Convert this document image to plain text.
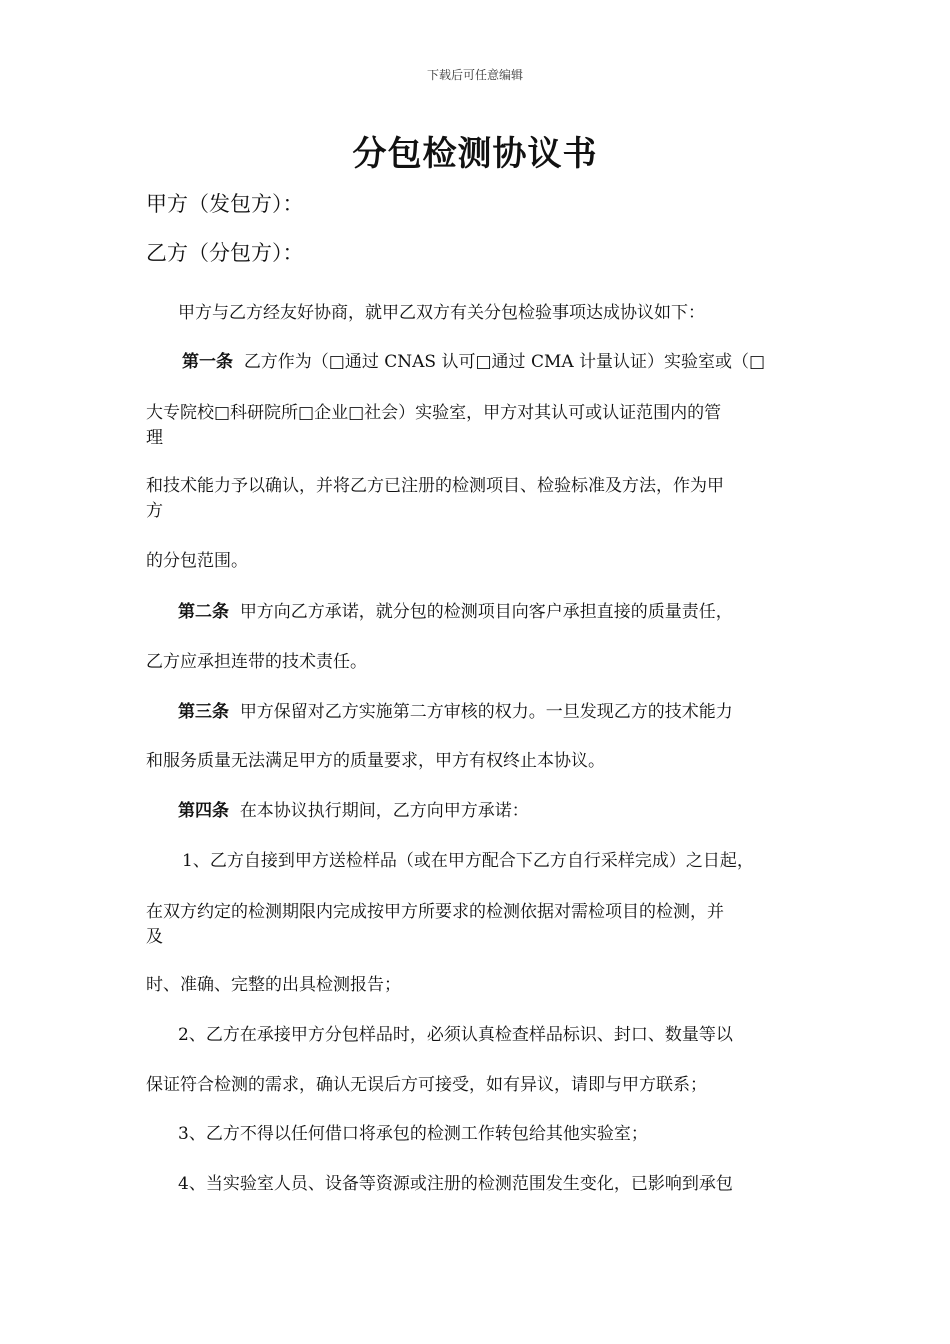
下载后可任意编辑
分包检测协议书
甲方（发包方）：
乙方（分包方）：
甲方与乙方经友好协商，就甲乙双方有关分包检验事项达成协议如下：
第一条 乙方作为（□通过 CNAS 认可□通过 CMA 计量认证）实验室或（□
大专院校□科研院所□企业□社会）实验室，甲方对其认可或认证范围内的管
理
和技术能力予以确认，并将乙方已注册的检测项目、检验标准及方法，作为甲
方
的分包范围。
第二条 甲方向乙方承诺，就分包的检测项目向客户承担直接的质量责任，
乙方应承担连带的技术责任。
第三条 甲方保留对乙方实施第二方审核的权力。一旦发现乙方的技术能力
和服务质量无法满足甲方的质量要求，甲方有权终止本协议。
第四条 在本协议执行期间，乙方向甲方承诺：
1、乙方自接到甲方送检样品（或在甲方配合下乙方自行采样完成）之日起，
在双方约定的检测期限内完成按甲方所要求的检测依据对需检项目的检测，并
及
时、准确、完整的出具检测报告；
2、乙方在承接甲方分包样品时，必须认真检查样品标识、封口、数量等以
保证符合检测的需求，确认无误后方可接受，如有异议，请即与甲方联系；
3、乙方不得以任何借口将承包的检测工作转包给其他实验室；
4、当实验室人员、设备等资源或注册的检测范围发生变化，已影响到承包
